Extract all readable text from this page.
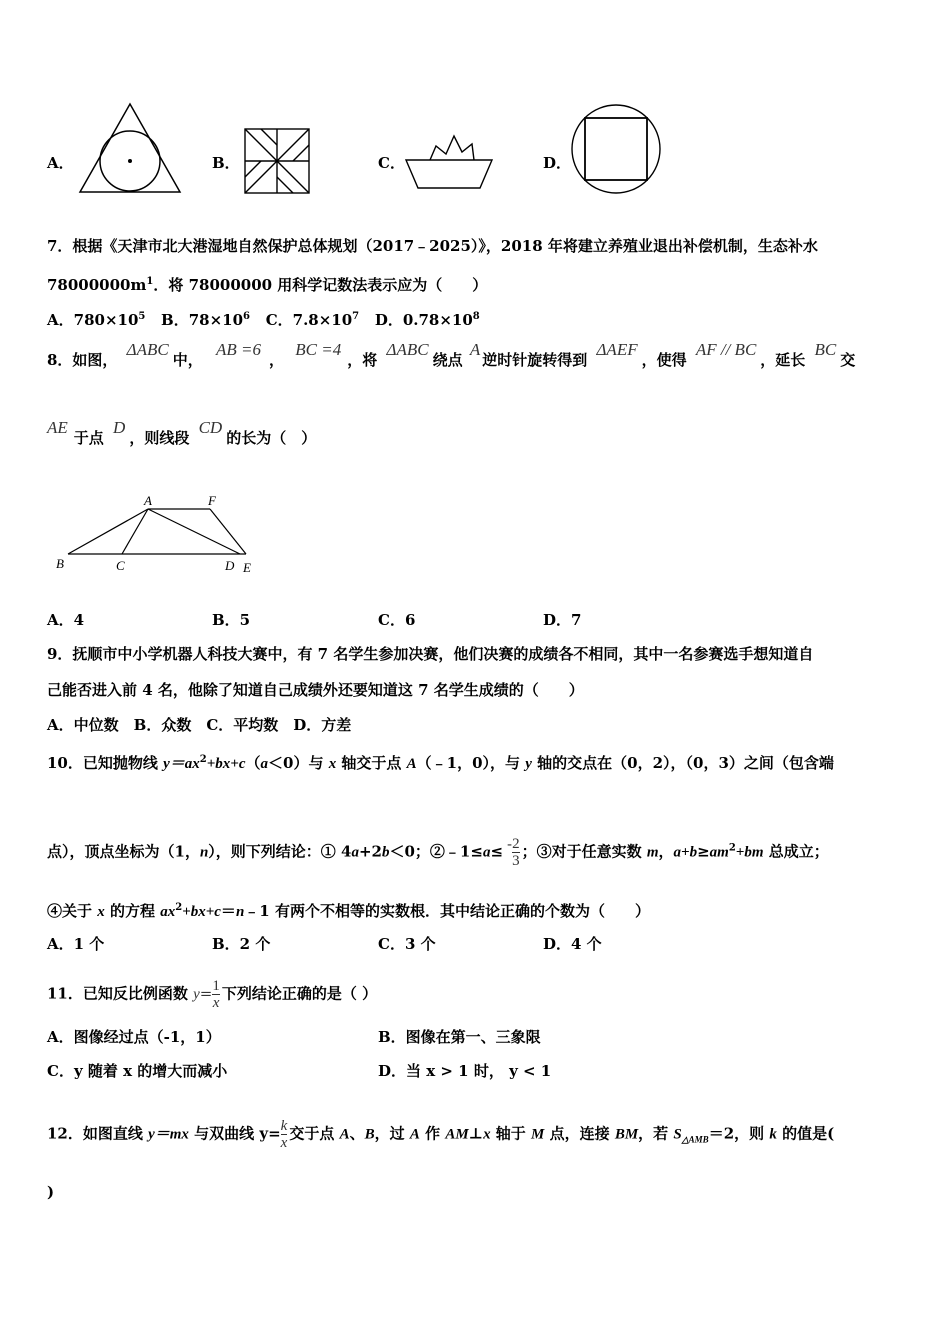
A．	B．	C．	D．
7．根据《天津市北大港湿地自然保护总体规划（2017﹣2025）》，2018 年将建立养殖业退出补偿机制，生态补水
$78000000m^1$．将 78000000 用科学记数法表示应为（　　）
A．$780\times 10^5$ B．$78\times 10^6$ C．$7.8\times 10^7$ D．$0.78\times 10^8$
8．如图， ΔABC中， AB =6， BC =4，将 ΔABC绕点 A逆时针旋转得到 ΔAEF，使得 AF // BC，延长 BC交
AE于点 D，则线段 CD的长为（　）
A	F
B	C	D E
A．4	B．5	C．6	D．7
9．抚顺市中小学机器人科技大赛中，有 7 名学生参加决赛，他们决赛的成绩各不相同，其中一名参赛选手想知道自
己能否进入前 4 名，他除了知道自己成绩外还要知道这 7 名学生成绩的（　　）
A．中位数　B．众数　C．平均数　D．方差
10．已知抛物线 $y=ax^2+bx+c(a<0)$与 x 轴交于点 A（﹣1，0），与 y 轴的交点在（0，2），（0，3）之间（包含端
点），顶点坐标为（1，n），则下列结论：① 4a+2b＜0；②﹣1≤a≤ - $\frac{2}{3}$ ；③对于任意实数 m，$a+b\ge am^2+bm$ 总成立；
④关于 x 的方程 $ax^2+bx+c=n﹣1$ 有两个不相等的实数根．其中结论正确的个数为（　　）
A．1 个	B．2 个	C．3 个	D．4 个
11．已知反比例函数 $y= \frac{1}{x}$ 下列结论正确的是（ ）
A．图像经过点（-1，1）	B．图像在第一、三象限
C．y 随着 x 的增大而减小	D．当 x > 1 时， y < 1
12．如图直线 y＝mx 与双曲线 $y= \frac{k}{x}$ 交于点 A、B，过 A 作 AM⊥x 轴于 M 点，连接 BM，若 $S_{\triangle AMB}=2$，则 k 的值是(
)
